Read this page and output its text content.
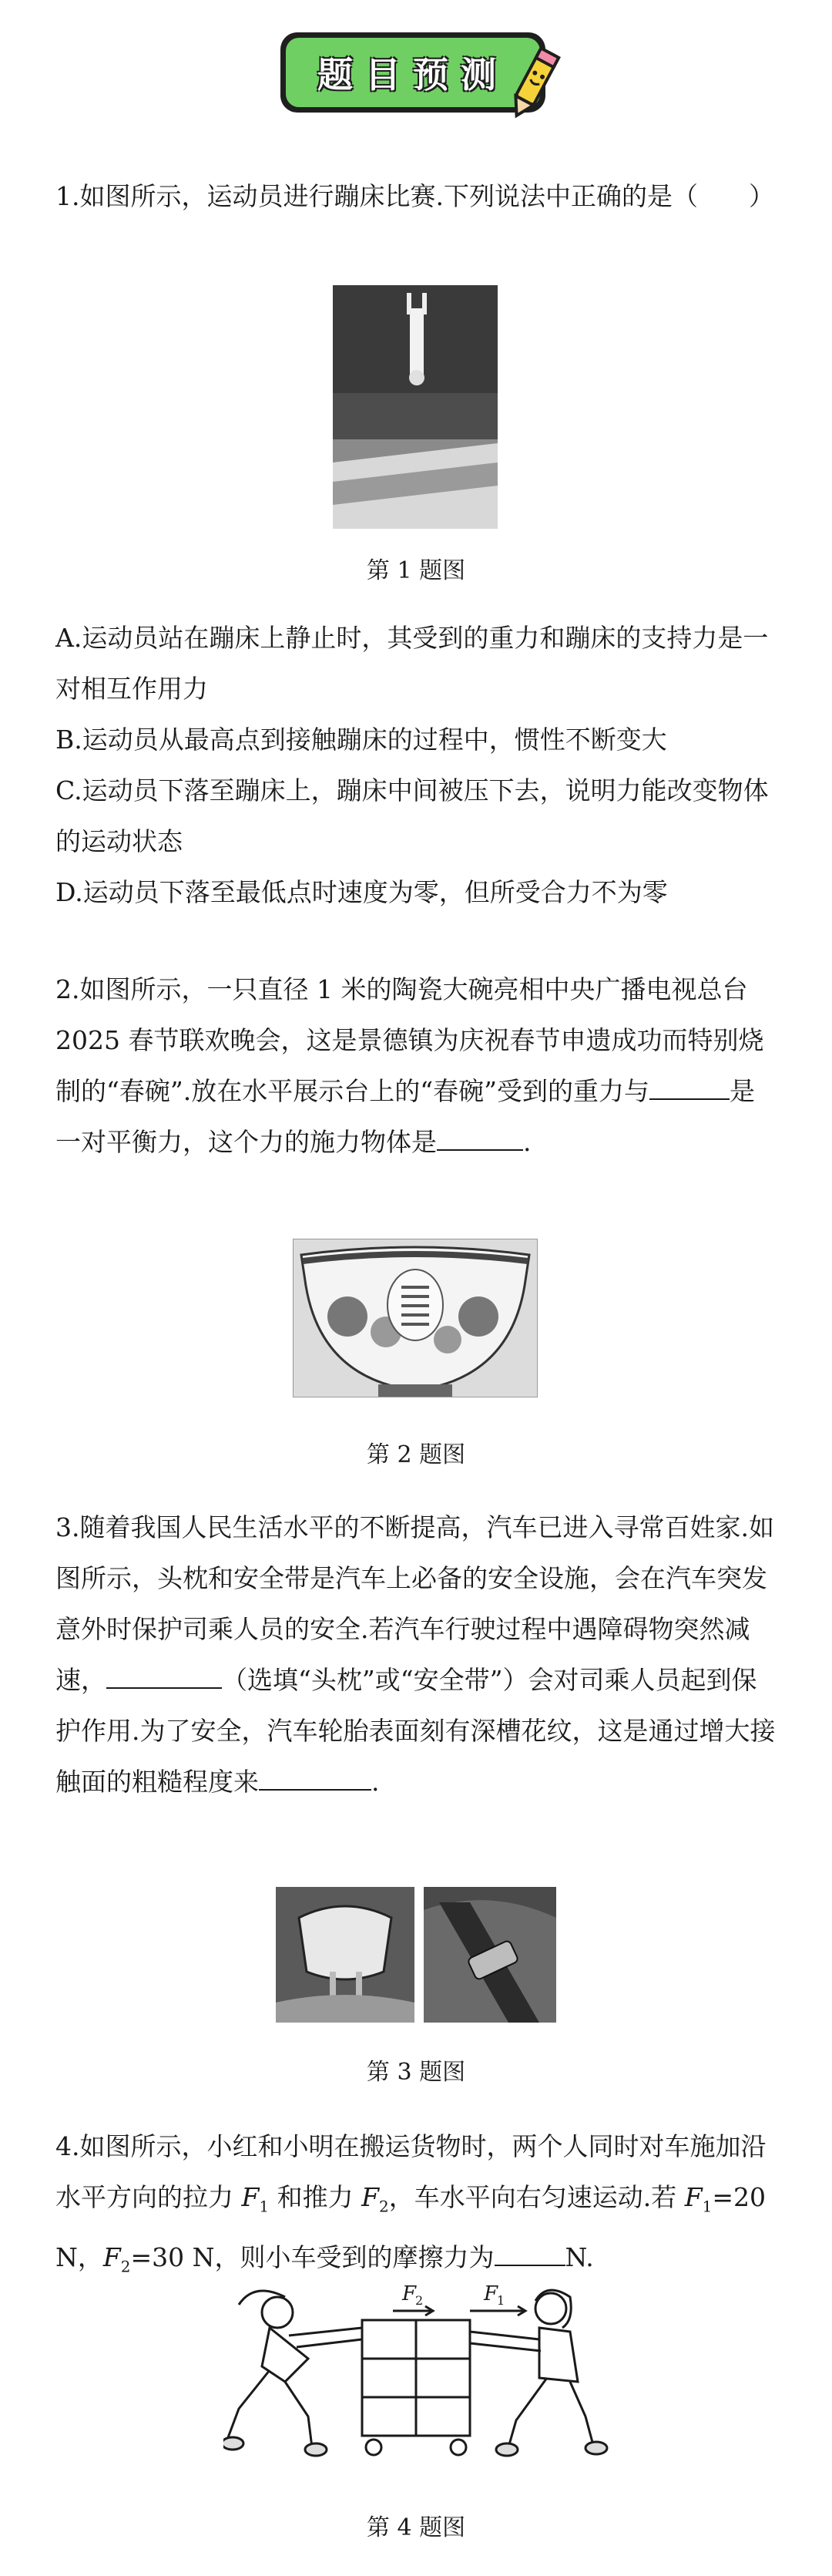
题目预测

1.如图所示，运动员进行蹦床比赛.下列说法中正确的是（　　）

第 1 题图

A.运动员站在蹦床上静止时，其受到的重力和蹦床的支持力是一对相互作用力

B.运动员从最高点到接触蹦床的过程中，惯性不断变大

C.运动员下落至蹦床上，蹦床中间被压下去，说明力能改变物体的运动状态

D.运动员下落至最低点时速度为零，但所受合力不为零

2.如图所示，一只直径 1 米的陶瓷大碗亮相中央广播电视总台 2025 春节联欢晚会，这是景德镇为庆祝春节申遗成功而特别烧制的“春碗”.放在水平展示台上的“春碗”受到的重力与	是一对平衡力，这个力的施力物体是	.

第 2 题图

3.随着我国人民生活水平的不断提高，汽车已进入寻常百姓家.如图所示，头枕和安全带是汽车上必备的安全设施，会在汽车突发意外时保护司乘人员的安全.若汽车行驶过程中遇障碍物突然减速，	（选填“头枕”或“安全带”）会对司乘人员起到保护作用.为了安全，汽车轮胎表面刻有深槽花纹，这是通过增大接触面的粗糙程度来	.

第 3 题图

4.如图所示，小红和小明在搬运货物时，两个人同时对车施加沿水平方向的拉力 $F_1$ 和推力 $F_2$，车水平向右匀速运动.若 $F_1=20$ N，$F_2=30$ N，则小车受到的摩擦力为	N.

F
2	F
1
第 4 题图
